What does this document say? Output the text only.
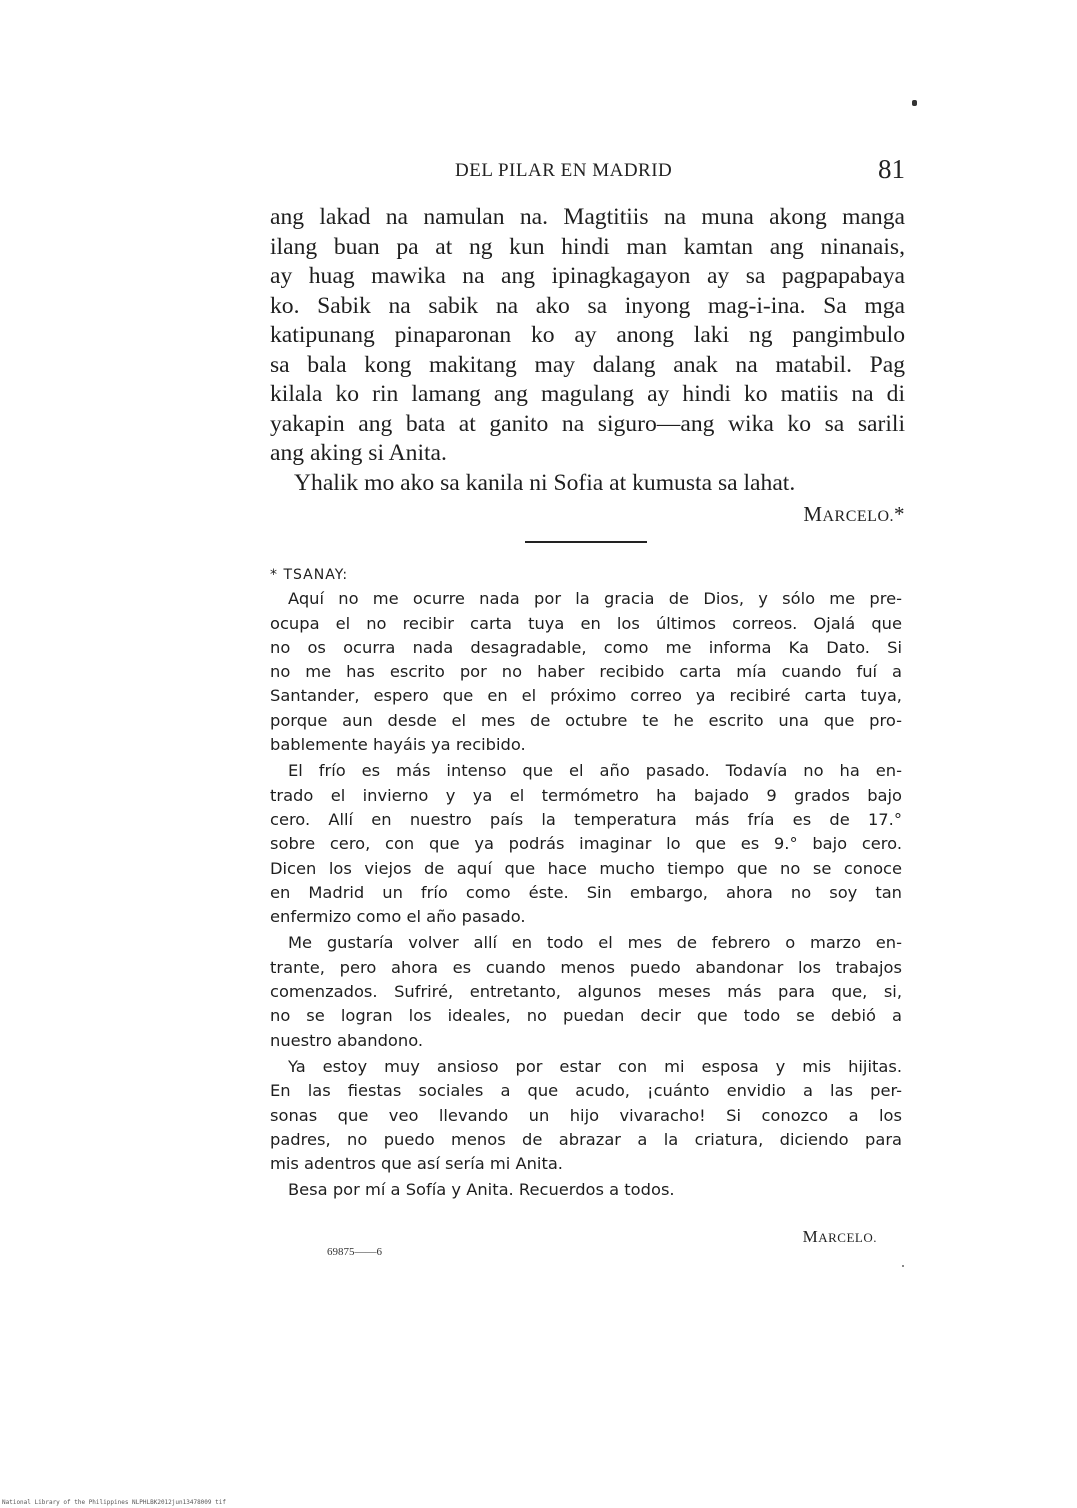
DEL PILAR EN MADRID	81
ang lakad na namulan na. Magtitiis na muna akong manga
ilang buan pa at ng kun hindi man kamtan ang ninanais,
ay huag mawika na ang ipinagkagayon ay sa pagpapabaya
ko. Sabik na sabik na ako sa inyong mag-i-ina. Sa mga
katipunang pinaparonan ko ay anong laki ng pangimbulo
sa bala kong makitang may dalang anak na matabil. Pag
kilala ko rin lamang ang magulang ay hindi ko matiis na di
yakapin ang bata at ganito na siguro—ang wika ko sa sarili
ang aking si Anita.
Yhalik mo ako sa kanila ni Sofia at kumusta sa lahat.
MARCELO.*
* TSANAY:
Aquí no me ocurre nada por la gracia de Dios, y sólo me pre-
ocupa el no recibir carta tuya en los últimos correos. Ojalá que
no os ocurra nada desagradable, como me informa Ka Dato. Si
no me has escrito por no haber recibido carta mía cuando fuí a
Santander, espero que en el próximo correo ya recibiré carta tuya,
porque aun desde el mes de octubre te he escrito una que pro-
bablemente hayáis ya recibido.
El frío es más intenso que el año pasado. Todavía no ha en-
trado el invierno y ya el termómetro ha bajado 9 grados bajo
cero. Allí en nuestro país la temperatura más fría es de 17.°
sobre cero, con que ya podrás imaginar lo que es 9.° bajo cero.
Dicen los viejos de aquí que hace mucho tiempo que no se conoce
en Madrid un frío como éste. Sin embargo, ahora no soy tan
enfermizo como el año pasado.
Me gustaría volver allí en todo el mes de febrero o marzo en-
trante, pero ahora es cuando menos puedo abandonar los trabajos
comenzados. Sufriré, entretanto, algunos meses más para que, si,
no se logran los ideales, no puedan decir que todo se debió a
nuestro abandono.
Ya estoy muy ansioso por estar con mi esposa y mis hijitas.
En las fiestas sociales a que acudo, ¡cuánto envidio a las per-
sonas que veo llevando un hijo vivaracho! Si conozco a los
padres, no puedo menos de abrazar a la criatura, diciendo para
mis adentros que así sería mi Anita.
Besa por mí a Sofía y Anita. Recuerdos a todos.
MARCELO.
69875——6
National Library of the Philippines NLPHLBK2012jun13478009 tif
